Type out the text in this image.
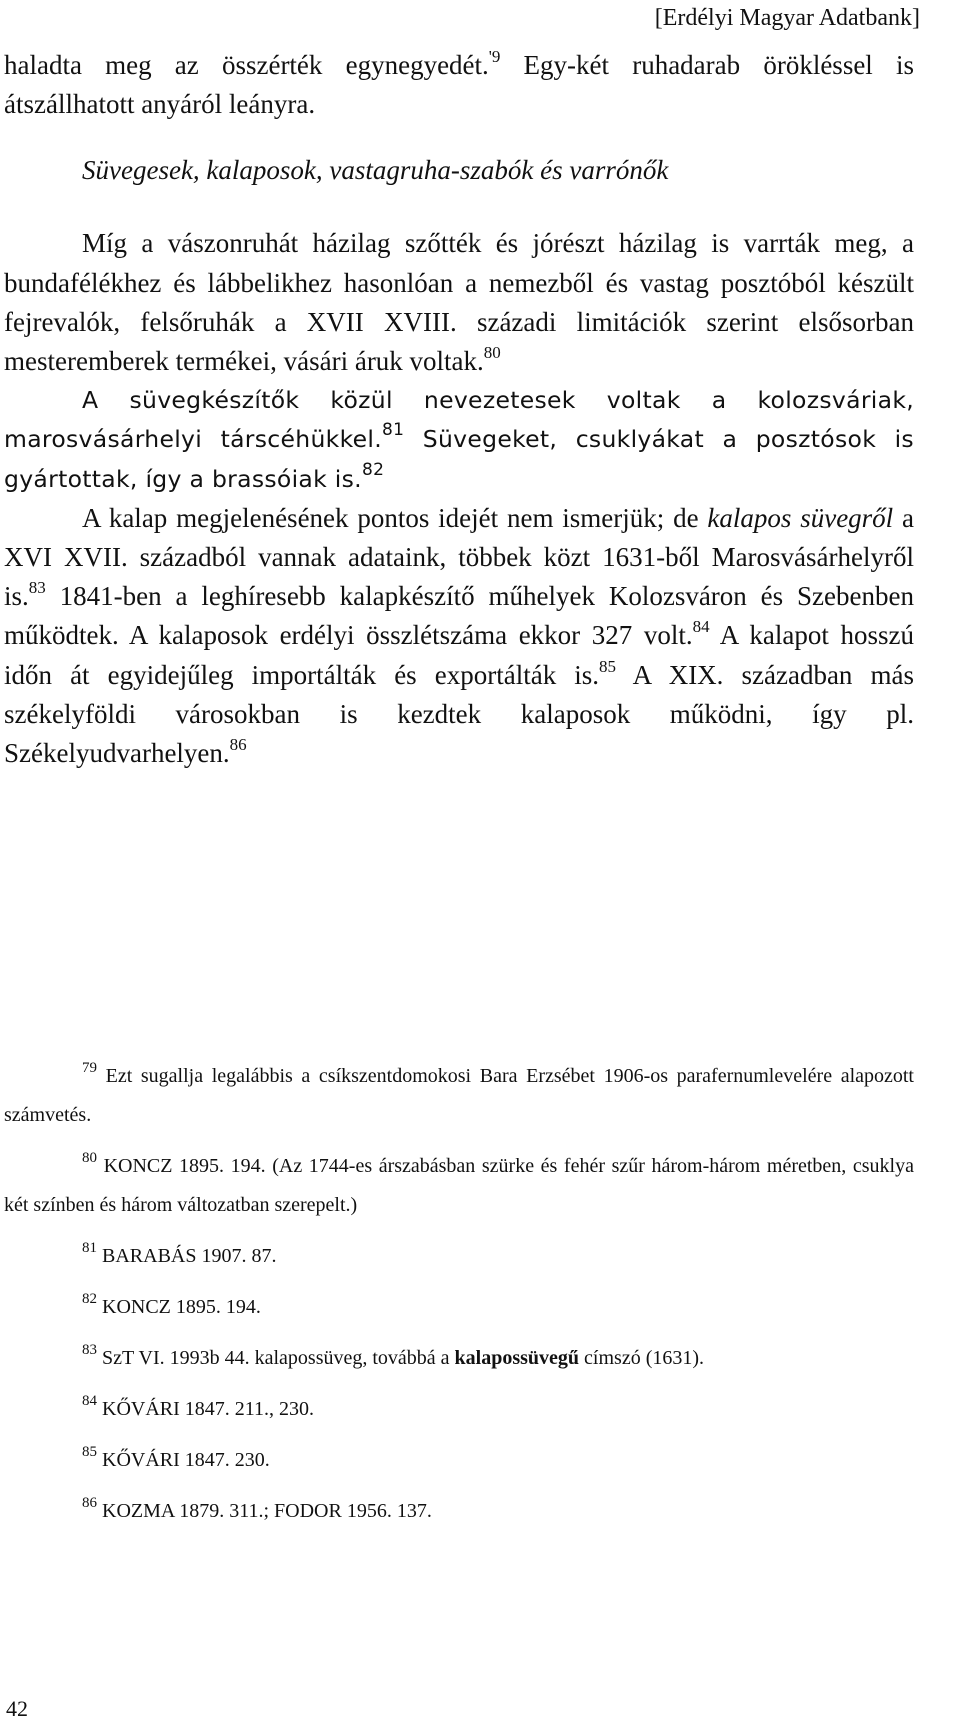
[Erdélyi Magyar Adatbank]

haladta meg az összérték egynegyedét.$^{'9}$ Egy-két ruhadarab örökléssel is átszállhatott anyáról leányra.

Süvegesek, kalaposok, vastagruha-szabók és varrónők

Míg a vászonruhát házilag szőtték és jórészt házilag is varrták meg, a bundafélékhez és lábbelikhez hasonlóan a nemezből és vastag posztóból készült fejrevalók, felsőruhák a XVII XVIII. századi limitációk szerint elsősorban mesteremberek termékei, vásári áruk voltak.$^{80}$

A süvegkészítők közül nevezetesek voltak a kolozsváriak, marosvásárhelyi társcéhükkel.$^{81}$ Süvegeket, csuklyákat a posztósok is gyártottak, így a brassóiak is.$^{82}$

A kalap megjelenésének pontos idejét nem ismerjük; de kalapos süvegről a XVI XVII. századból vannak adataink, többek közt 1631-ből Marosvásárhelyről is.$^{83}$ 1841-ben a leghíresebb kalapkészítő műhelyek Kolozsváron és Szebenben működtek. A kalaposok erdélyi összlétszáma ekkor 327 volt.$^{84}$ A kalapot hosszú időn át egyidejűleg importálták és exportálták is.$^{85}$ A XIX. században más székelyföldi városokban is kezdtek kalaposok működni, így pl. Székelyudvarhelyen.$^{86}$

$^{79}$ Ezt sugallja legalábbis a csíkszentdomokosi Bara Erzsébet 1906-os parafernumlevelére alapozott számvetés.

$^{80}$ KONCZ 1895. 194. (Az 1744-es árszabásban szürke és fehér szűr három-három méretben, csuklya két színben és három változatban szerepelt.)

$^{81}$ BARABÁS 1907. 87.

$^{82}$ KONCZ 1895. 194.

$^{83}$ SzT VI. 1993b 44. kalapossüveg, továbbá a kalapossüvegű címszó (1631).

$^{84}$ KŐVÁRI 1847. 211., 230.

$^{85}$ KŐVÁRI 1847. 230.

$^{86}$ KOZMA 1879. 311.; FODOR 1956. 137.

42
